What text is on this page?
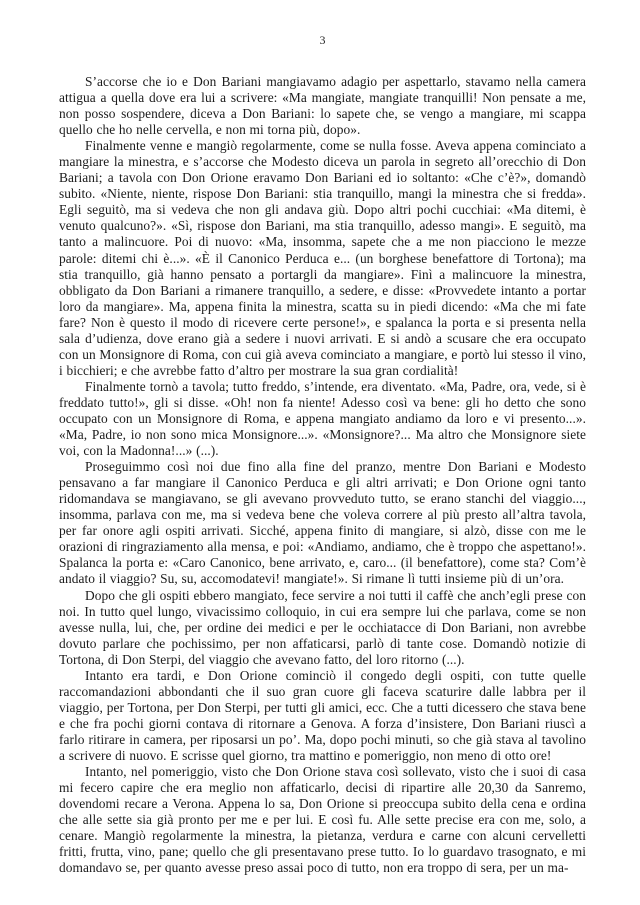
3

S’accorse che io e Don Bariani mangiavamo adagio per aspettarlo, stavamo nella camera attigua a quella dove era lui a scrivere: «Ma mangiate, mangiate tranquilli! Non pensate a me, non posso sospendere, diceva a Don Bariani: lo sapete che, se vengo a mangiare, mi scappa quello che ho nelle cervella, e non mi torna più, dopo».

Finalmente venne e mangiò regolarmente, come se nulla fosse. Aveva appena cominciato a mangiare la minestra, e s’accorse che Modesto diceva un parola in segreto all’orecchio di Don Bariani; a tavola con Don Orione eravamo Don Bariani ed io soltanto: «Che c’è?», domandò subito. «Niente, niente, rispose Don Bariani: stia tranquillo, mangi la minestra che si fredda». Egli seguitò, ma si vedeva che non gli andava giù. Dopo altri pochi cucchiai: «Ma ditemi, è venuto qualcuno?». «Sì, rispose don Bariani, ma stia tranquillo, adesso mangi». E seguitò, ma tanto a malincuore. Poi di nuovo: «Ma, insomma, sapete che a me non piacciono le mezze parole: ditemi chi è...». «È il Canonico Perduca e... (un borghese benefattore di Tortona); ma stia tranquillo, già hanno pensato a portargli da mangiare». Finì a malincuore la minestra, obbligato da Don Bariani a rimanere tranquillo, a sedere, e disse: «Provvedete intanto a portar loro da mangiare». Ma, appena finita la minestra, scatta su in piedi dicendo: «Ma che mi fate fare? Non è questo il modo di ricevere certe persone!», e spalanca la porta e si presenta nella sala d’udienza, dove erano già a sedere i nuovi arrivati. E si andò a scusare che era occupato con un Monsignore di Roma, con cui già aveva cominciato a mangiare, e portò lui stesso il vino, i bicchieri; e che avrebbe fatto d’altro per mostrare la sua gran cordialità!

Finalmente tornò a tavola; tutto freddo, s’intende, era diventato. «Ma, Padre, ora, vede, si è freddato tutto!», gli si disse. «Oh! non fa niente! Adesso così va bene: gli ho detto che sono occupato con un Monsignore di Roma, e appena mangiato andiamo da loro e vi presento...». «Ma, Padre, io non sono mica Monsignore...». «Monsignore?... Ma altro che Monsignore siete voi, con la Madonna!...» (...).

Proseguimmo così noi due fino alla fine del pranzo, mentre Don Bariani e Modesto pensavano a far mangiare il Canonico Perduca e gli altri arrivati; e Don Orione ogni tanto ridomandava se mangiavano, se gli avevano provveduto tutto, se erano stanchi del viaggio..., insomma, parlava con me, ma si vedeva bene che voleva correre al più presto all’altra tavola, per far onore agli ospiti arrivati. Sicché, appena finito di mangiare, si alzò, disse con me le orazioni di ringraziamento alla mensa, e poi: «Andiamo, andiamo, che è troppo che aspettano!». Spalanca la porta e: «Caro Canonico, bene arrivato, e, caro... (il benefattore), come sta? Com’è andato il viaggio? Su, su, accomodatevi! mangiate!». Si rimane lì tutti insieme più di un’ora.

Dopo che gli ospiti ebbero mangiato, fece servire a noi tutti il caffè che anch’egli prese con noi. In tutto quel lungo, vivacissimo colloquio, in cui era sempre lui che parlava, come se non avesse nulla, lui, che, per ordine dei medici e per le occhiatacce di Don Bariani, non avrebbe dovuto parlare che pochissimo, per non affaticarsi, parlò di tante cose. Domandò notizie di Tortona, di Don Sterpi, del viaggio che avevano fatto, del loro ritorno (...).

Intanto era tardi, e Don Orione cominciò il congedo degli ospiti, con tutte quelle raccomandazioni abbondanti che il suo gran cuore gli faceva scaturire dalle labbra per il viaggio, per Tortona, per Don Sterpi, per tutti gli amici, ecc. Che a tutti dicessero che stava bene e che fra pochi giorni contava di ritornare a Genova. A forza d’insistere, Don Bariani riuscì a farlo ritirare in camera, per riposarsi un po’. Ma, dopo pochi minuti, so che già stava al tavolino a scrivere di nuovo. E scrisse quel giorno, tra mattino e pomeriggio, non meno di otto ore!

Intanto, nel pomeriggio, visto che Don Orione stava così sollevato, visto che i suoi di casa mi fecero capire che era meglio non affaticarlo, decisi di ripartire alle 20,30 da Sanremo, dovendomi recare a Verona. Appena lo sa, Don Orione si preoccupa subito della cena e ordina che alle sette sia già pronto per me e per lui. E così fu. Alle sette precise era con me, solo, a cenare. Mangiò regolarmente la minestra, la pietanza, verdura e carne con alcuni cervelletti fritti, frutta, vino, pane; quello che gli presentavano prese tutto. Io lo guardavo trasognato, e mi domandavo se, per quanto avesse preso assai poco di tutto, non era troppo di sera, per un ma-
